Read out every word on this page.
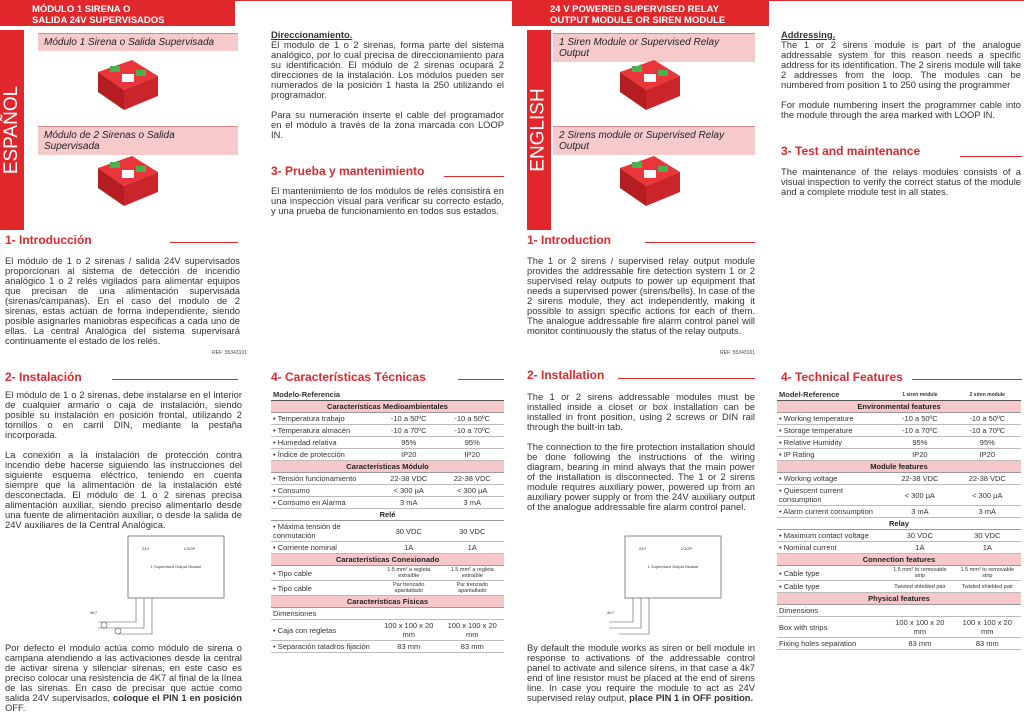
MÓDULO 1 SIRENA O
SALIDA 24V SUPERVISADOS
24 V POWERED SUPERVISED RELAY
OUTPUT MODULE OR SIREN MODULE
ESPAÑOL	ENGLISH
Módulo 1 Sirena o Salida Supervisada
Módulo de 2 Sirenas o Salida Supervisada
1 Siren Module or Supervised Relay Output
2 Sirens module or Supervised Relay Output
Direccionamiento.
El modulo de 1 o 2 sirenas, forma parte del sistema analógico, por lo cual precisa de direccionamiento para su identificación. El módulo de 2 sirenas ocupará 2 direcciones de la instalación. Los módulos pueden ser numerados de la posición 1 hasta la 250 utilizando el programador.
Para su numeración inserte el cable del programador en el módulo a través de la zona marcada con LOOP IN.
3- Prueba y mantenimiento
El mantenimiento de los módulos de relés consistirá en una inspección visual para verificar su correcto estado, y una prueba de funcionamiento en todos sus estados.
1- Introducción
El módulo de 1 o 2 sirenas / salida 24V supervisados proporcionan al sistema de detección de incendio analógico 1 o 2 relés vigilados para alimentar equipos que precisan de una alimentación supervisada (sirenas/campanas). En el caso del modulo de 2 sirenas, estas actúan de forma independiente, siendo posible asignarles maniobras especificas a cada uno de ellas. La central Analógica del sistema supervisará continuamente el estado de los relés.
REF: 55343101
Addressing.
The 1 or 2 sirens module is part of the analogue addressable system for this reason needs a specific address for its identification. The 2 sirens module will take 2 addresses from the loop. The modules can be numbered from position 1 to 250 using the programmer
For module numbering insert the programmer cable into the module through the area marked with LOOP IN.
3- Test and maintenance
The maintenance of the relays modules consists of a visual inspection to verify the correct status of the module and a complete module test in all states.
1- Introduction
The 1 or 2 sirens / supervised relay output module provides the addressable fire detection system 1 or 2 supervised relay outputs to power up equipment that needs a supervised power (sirens/bells). In case of the 2 sirens module, they act independently, making it possible to assign specific actions for each of them. The analogue addressable fire alarm control panel will monitor continuously the status of the relay outputs.
REF: 55343101
2- Instalación
El módulo de 1 o 2 sirenas, debe instalarse en el interior de cualquier armario o caja de instalación, siendo posible su instalación en posición frontal, utilizando 2 tornillos o en carril DIN, mediante la pestaña incorporada.
La conexión a la instalación de protección contra incendio debe hacerse siguiendo las instrucciones del siguiente esquema eléctrico, teniendo en cuenta siempre que la alimentación de la instalación esté desconectada. El módulo de 1 o 2 sirenas precisa alimentación auxiliar, siendo preciso alimentarlo desde una fuente de alimentación auxiliar, o desde la salida de 24V auxiliares de la Central Analógica.
Por defecto el modulo actúa como módulo de sirena o campana atendiendo a las activaciones desde la central de activar sirena y silenciar sirenas, en este caso es preciso colocar una resistencia de 4K7 al final de la línea de las sirenas. En caso de precisar que actúe como salida 24V supervisados, coloque el PIN 1 en posición OFF.
1 Supervised Output Module
24V	LOOP
4K7
4- Características Técnicas
Modelo-Referencia		
Características Medioambientales		
• Temperatura trabajo	-10 a 50ºC	-10 a 50ºC
• Temperatura almacén	-10 a 70ºC	-10 a 70ºC
• Humedad relativa	95%	95%
• Índice de protección	IP20	IP20
Características Módulo		
• Tensión funcionamiento	22-38 VDC	22-38 VDC
• Consumo	< 300 µA	< 300 µA
• Consumo en Alarma	3 mA	3 mA
Relé		
• Máxima tensión de conmutación	30 VDC	30 VDC
• Corriente nominal	1A	1A
Características Conexionado		
• Tipo cable	1.5 mm² a regleta extraíble	1.5 mm² a regleta extraíble
• Tipo cable	Par trenzado apantallado	Par trenzado apantallado
Características Físicas		
Dimensiones		
• Caja con regletas	100 x 100 x 20 mm	100 x 100 x 20 mm
• Separación taladros fijación	83 mm	83 mm
2- Installation
The 1 or 2 sirens addressable modules must be installed inside a closet or box installation can be installed in front position, using 2 screws or DIN rail through the built-in tab.
The connection to the fire protection installation should be done following the instructions of the wiring diagram, bearing in mind always that the main power of the installation is disconnected. The 1 or 2 sirens module requires auxiliary power, powered up from an auxiliary power supply or from the 24V auxiliary output of the analogue addressable fire alarm control panel.
By default the module works as siren or bell module in response to activations of the addressable control panel to activate and silence sirens, in that case a 4k7 end of line resistor must be placed at the end of sirens line. In case you require the module to act as 24V supervised relay output, place PIN 1 in OFF position.
1 Supervised Output Module
24V	LOOP
4K7
4- Technical Features
Model-Reference	1 siren module	2 siren module
Environmental features		
• Working temperature	-10 a 50ºC	-10 a 50ºC
• Storage temperature	-10 a 70ºC	-10 a 70ºC
• Relative Humidity	95%	95%
• IP Rating	IP20	IP20
Module features		
• Working voltage	22-38 VDC	22-38 VDC
• Quiescent current consumption	< 300 µA	< 300 µA
• Alarm current consumption	3 mA	3 mA
Relay		
• Maximum contact voltage	30 VDC	30 VDC
• Nominal current	1A	1A
Connection features		
• Cable type	1.5 mm² to removable strip	1.5 mm² to removable strip
• Cable type	Twisted shielded pair	Twisted shielded pair
Physical features		
Dimensions		
Box with strips	100 x 100 x 20 mm	100 x 100 x 20 mm
Fixing holes separation	83 mm	83 mm
